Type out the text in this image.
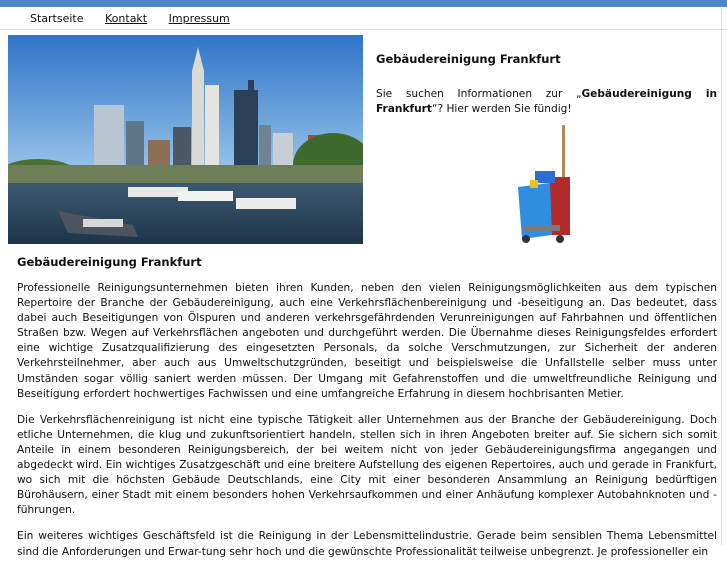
Startseite Kontakt Impressum
Gebäudereinigung Frankfurt

Sie suchen Informationen zur „Gebäudereinigung in Frankfurt“? Hier werden Sie fündig!

Gebäudereinigung Frankfurt

Professionelle Reinigungsunternehmen bieten ihren Kunden, neben den vielen Reinigungsmöglichkeiten aus dem typischen Repertoire der Branche der Gebäudereinigung, auch eine Verkehrsflächenbereinigung und -beseitigung an. Das bedeutet, dass dabei auch Beseitigungen von Ölspuren und anderen verkehrsgefährdenden Verunreinigungen auf Fahrbahnen und öffentlichen Straßen bzw. Wegen auf Verkehrsflächen angeboten und durchgeführt werden. Die Übernahme dieses Reinigungsfeldes erfordert eine wichtige Zusatzqualifizierung des eingesetzten Personals, da solche Verschmutzungen, zur Sicherheit der anderen Verkehrsteilnehmer, aber auch aus Umweltschutzgründen, beseitigt und beispielsweise die Unfallstelle selber muss unter Umständen sogar völlig saniert werden müssen. Der Umgang mit Gefahrenstoffen und die umweltfreundliche Reinigung und Beseitigung erfordert hochwertiges Fachwissen und eine umfangreiche Erfahrung in diesem hochbrisanten Metier.

Die Verkehrsflächenreinigung ist nicht eine typische Tätigkeit aller Unternehmen aus der Branche der Gebäudereinigung. Doch etliche Unternehmen, die klug und zukunftsorientiert handeln, stellen sich in ihren Angeboten breiter auf. Sie sichern sich somit Anteile in einem besonderen Reinigungsbereich, der bei weitem nicht von jeder Gebäudereinigungsfirma angegangen und abgedeckt wird. Ein wichtiges Zusatzgeschäft und eine breitere Aufstellung des eigenen Repertoires, auch und gerade in Frankfurt, wo sich mit die höchsten Gebäude Deutschlands, eine City mit einer besonderen Ansammlung an Reinigung bedürftigen Bürohäusern, einer Stadt mit einem besonders hohen Verkehrsaufkommen und einer Anhäufung komplexer Autobahnknoten und -führungen.

Ein weiteres wichtiges Geschäftsfeld ist die Reinigung in der Lebensmittelindustrie. Gerade beim sensiblen Thema Lebensmittel sind die Anforderungen und Erwar-tung sehr hoch und die gewünschte Professionalität teilweise unbegrenzt. Je professioneller ein
